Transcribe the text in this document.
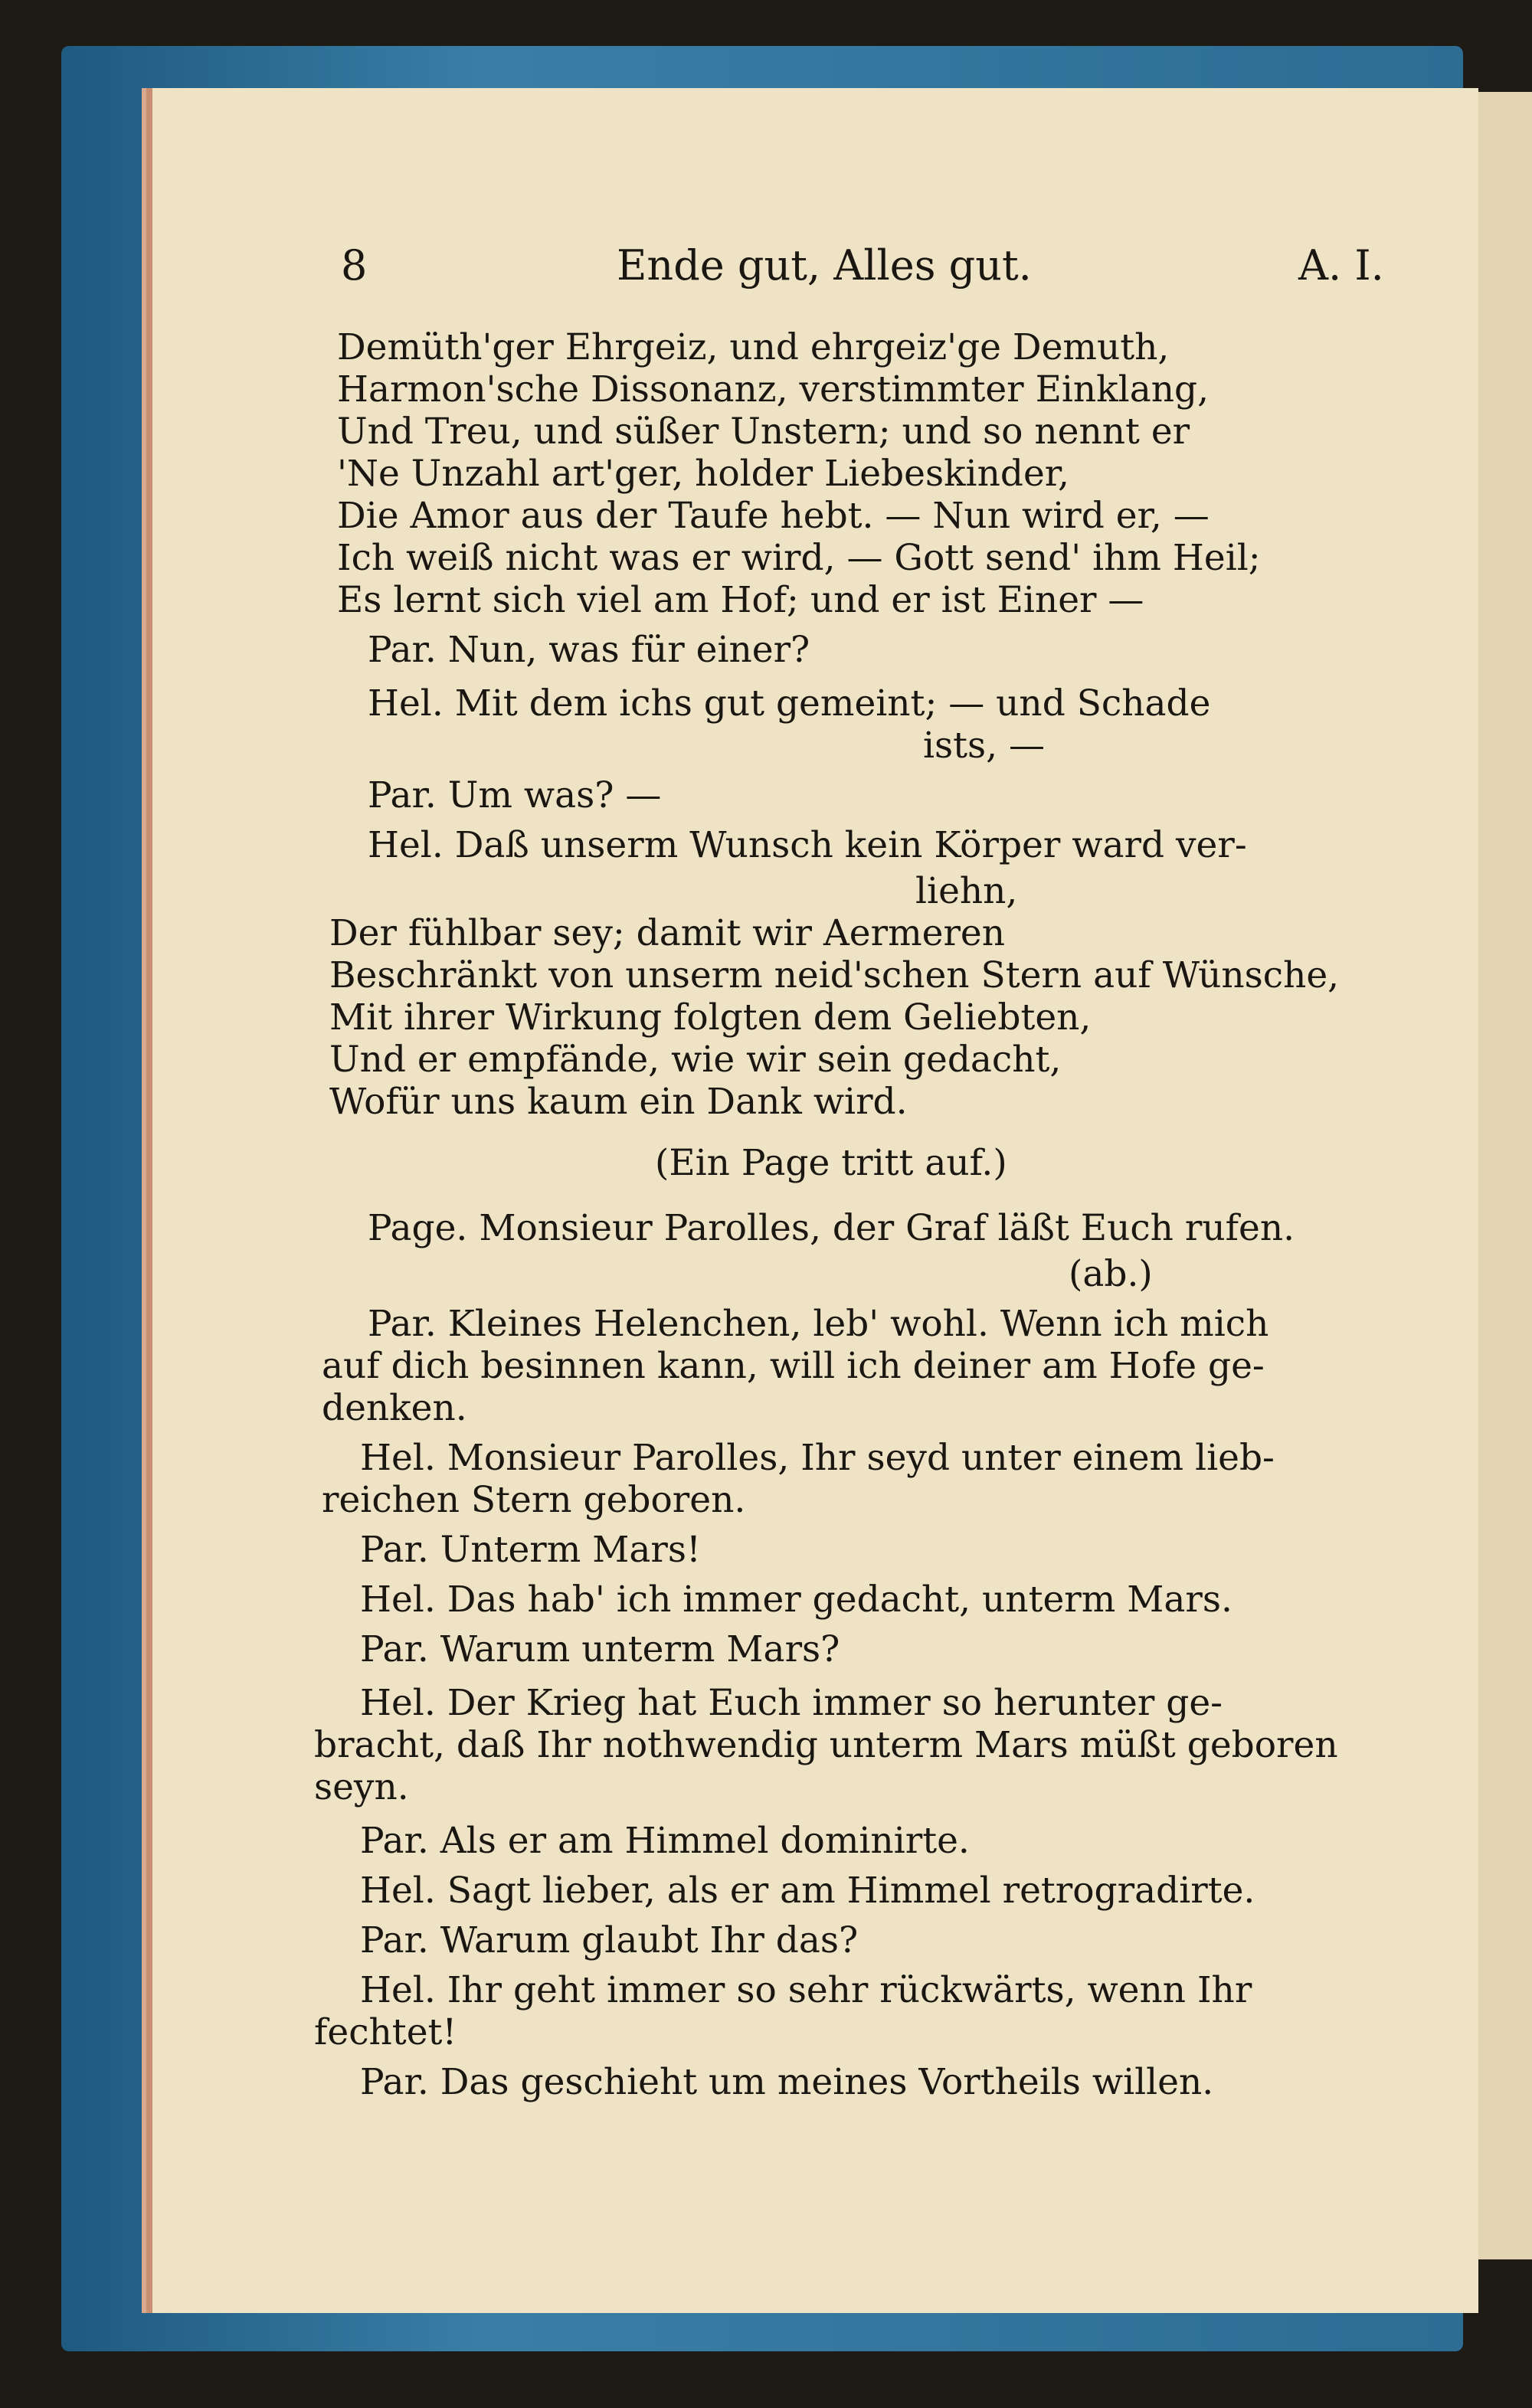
8	Ende gut, Alles gut.	A. I.
Demüth'ger Ehrgeiz, und ehrgeiz'ge Demuth,
Harmon'sche Dissonanz, verstimmter Einklang,
Und Treu, und süßer Unstern; und so nennt er
'Ne Unzahl art'ger, holder Liebeskinder,
Die Amor aus der Taufe hebt. — Nun wird er, —
Ich weiß nicht was er wird, — Gott send' ihm Heil;
Es lernt sich viel am Hof; und er ist Einer —
Par. Nun, was für einer?
Hel. Mit dem ichs gut gemeint; — und Schade
ists, —
Par. Um was? —
Hel. Daß unserm Wunsch kein Körper ward ver-
liehn,
Der fühlbar sey; damit wir Aermeren
Beschränkt von unserm neid'schen Stern auf Wünsche,
Mit ihrer Wirkung folgten dem Geliebten,
Und er empfände, wie wir sein gedacht,
Wofür uns kaum ein Dank wird.
(Ein Page tritt auf.)
Page. Monsieur Parolles, der Graf läßt Euch rufen.
(ab.)
Par. Kleines Helenchen, leb' wohl. Wenn ich mich
auf dich besinnen kann, will ich deiner am Hofe ge-
denken.
Hel. Monsieur Parolles, Ihr seyd unter einem lieb-
reichen Stern geboren.
Par. Unterm Mars!
Hel. Das hab' ich immer gedacht, unterm Mars.
Par. Warum unterm Mars?
Hel. Der Krieg hat Euch immer so herunter ge-
bracht, daß Ihr nothwendig unterm Mars müßt geboren
seyn.
Par. Als er am Himmel dominirte.
Hel. Sagt lieber, als er am Himmel retrogradirte.
Par. Warum glaubt Ihr das?
Hel. Ihr geht immer so sehr rückwärts, wenn Ihr
fechtet!
Par. Das geschieht um meines Vortheils willen.
